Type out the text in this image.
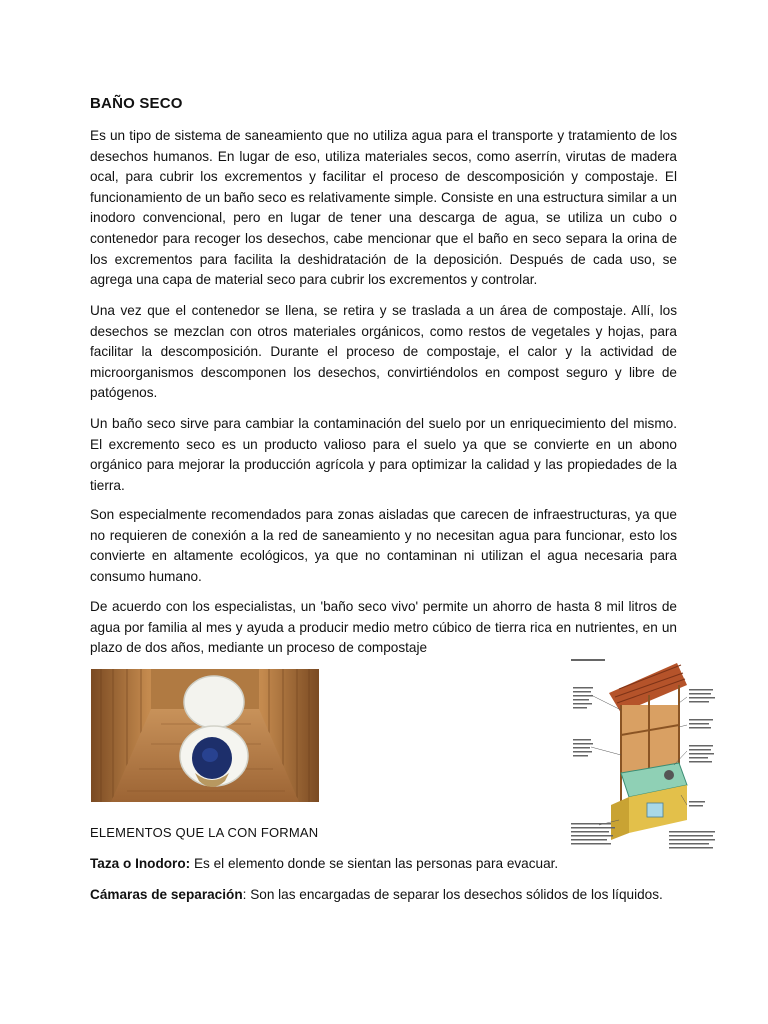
BAÑO SECO

Es un tipo de sistema de saneamiento que no utiliza agua para el transporte y tratamiento de los desechos humanos. En lugar de eso, utiliza materiales secos, como aserrín, virutas de madera ocal, para cubrir los excrementos y facilitar el proceso de descomposición y compostaje. El funcionamiento de un baño seco es relativamente simple. Consiste en una estructura similar a un inodoro convencional, pero en lugar de tener una descarga de agua, se utiliza un cubo o contenedor para recoger los desechos, cabe mencionar que el baño en seco separa la orina de los excrementos para facilita la deshidratación de la deposición. Después de cada uso, se agrega una capa de material seco para cubrir los excrementos y controlar.

Una vez que el contenedor se llena, se retira y se traslada a un área de compostaje. Allí, los desechos se mezclan con otros materiales orgánicos, como restos de vegetales y hojas, para facilitar la descomposición. Durante el proceso de compostaje, el calor y la actividad de microorganismos descomponen los desechos, convirtiéndolos en compost seguro y libre de patógenos.

Un baño seco sirve para cambiar la contaminación del suelo por un enriquecimiento del mismo. El excremento seco es un producto valioso para el suelo ya que se convierte en un abono orgánico para mejorar la producción agrícola y para optimizar la calidad y las propiedades de la tierra.

Son especialmente recomendados para zonas aisladas que carecen de infraestructuras, ya que no requieren de conexión a la red de saneamiento y no necesitan agua para funcionar, esto los convierte en altamente ecológicos, ya que no contaminan ni utilizan el agua necesaria para consumo humano.

De acuerdo con los especialistas, un 'baño seco vivo' permite un ahorro de hasta 8 mil litros de agua por familia al mes y ayuda a producir medio metro cúbico de tierra rica en nutrientes, en un plazo de dos años, mediante un proceso de compostaje

ELEMENTOS QUE LA CON FORMAN
Taza o Inodoro: Es el elemento donde se sientan las personas para evacuar.
Cámaras de separación: Son las encargadas de separar los desechos sólidos de los líquidos.
